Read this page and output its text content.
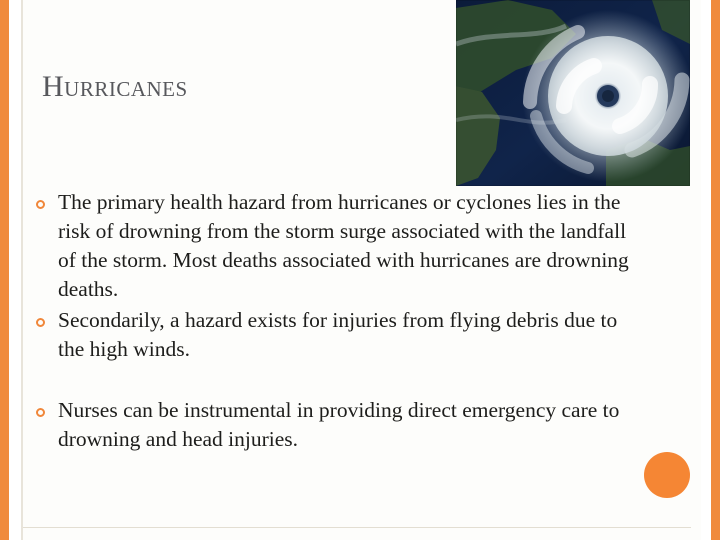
Hurricanes
The primary health hazard from hurricanes or cyclones lies in the risk of drowning from the storm surge associated with the landfall of the storm. Most deaths associated with hurricanes are drowning deaths.
Secondarily, a hazard exists for injuries from flying debris due to the high winds.
Nurses can be instrumental in providing direct emergency care to drowning and head injuries.
